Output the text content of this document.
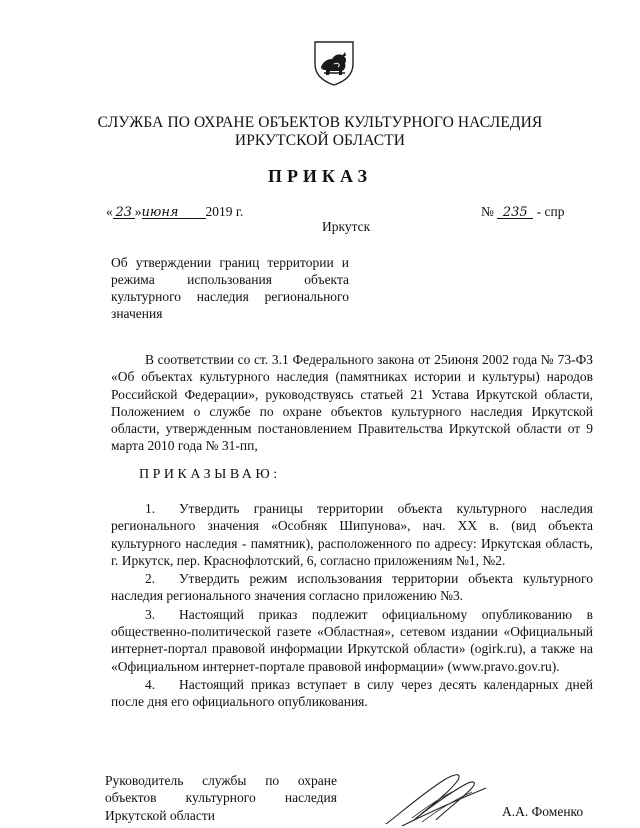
СЛУЖБА ПО ОХРАНЕ ОБЪЕКТОВ КУЛЬТУРНОГО НАСЛЕДИЯ
ИРКУТСКОЙ ОБЛАСТИ
ПРИКАЗ
« 23 »июня 2019 г.	№ 235 - спр
Иркутск
Об утверждении границ территории и режима использования объекта культурного наследия регионального значения
В соответствии со ст. 3.1 Федерального закона от 25июня 2002 года № 73-ФЗ «Об объектах культурного наследия (памятниках истории и культуры) народов Российской Федерации», руководствуясь статьей 21 Устава Иркутской области, Положением о службе по охране объектов культурного наследия Иркутской области, утвержденным постановлением Правительства Иркутской области от 9 марта 2010 года № 31-пп,
ПРИКАЗЫВАЮ:
1. Утвердить границы территории объекта культурного наследия регионального значения «Особняк Шипунова», нач. XX в. (вид объекта культурного наследия - памятник), расположенного по адресу: Иркутская область, г. Иркутск, пер. Краснофлотский, 6, согласно приложениям №1, №2.
2. Утвердить режим использования территории объекта культурного наследия регионального значения согласно приложению №3.
3. Настоящий приказ подлежит официальному опубликованию в общественно-политической газете «Областная», сетевом издании «Официальный интернет-портал правовой информации Иркутской области» (ogirk.ru), а также на «Официальном интернет-портале правовой информации» (www.pravo.gov.ru).
4. Настоящий приказ вступает в силу через десять календарных дней после дня его официального опубликования.
Руководитель службы по охране объектов культурного наследия Иркутской области	А.А. Фоменко
